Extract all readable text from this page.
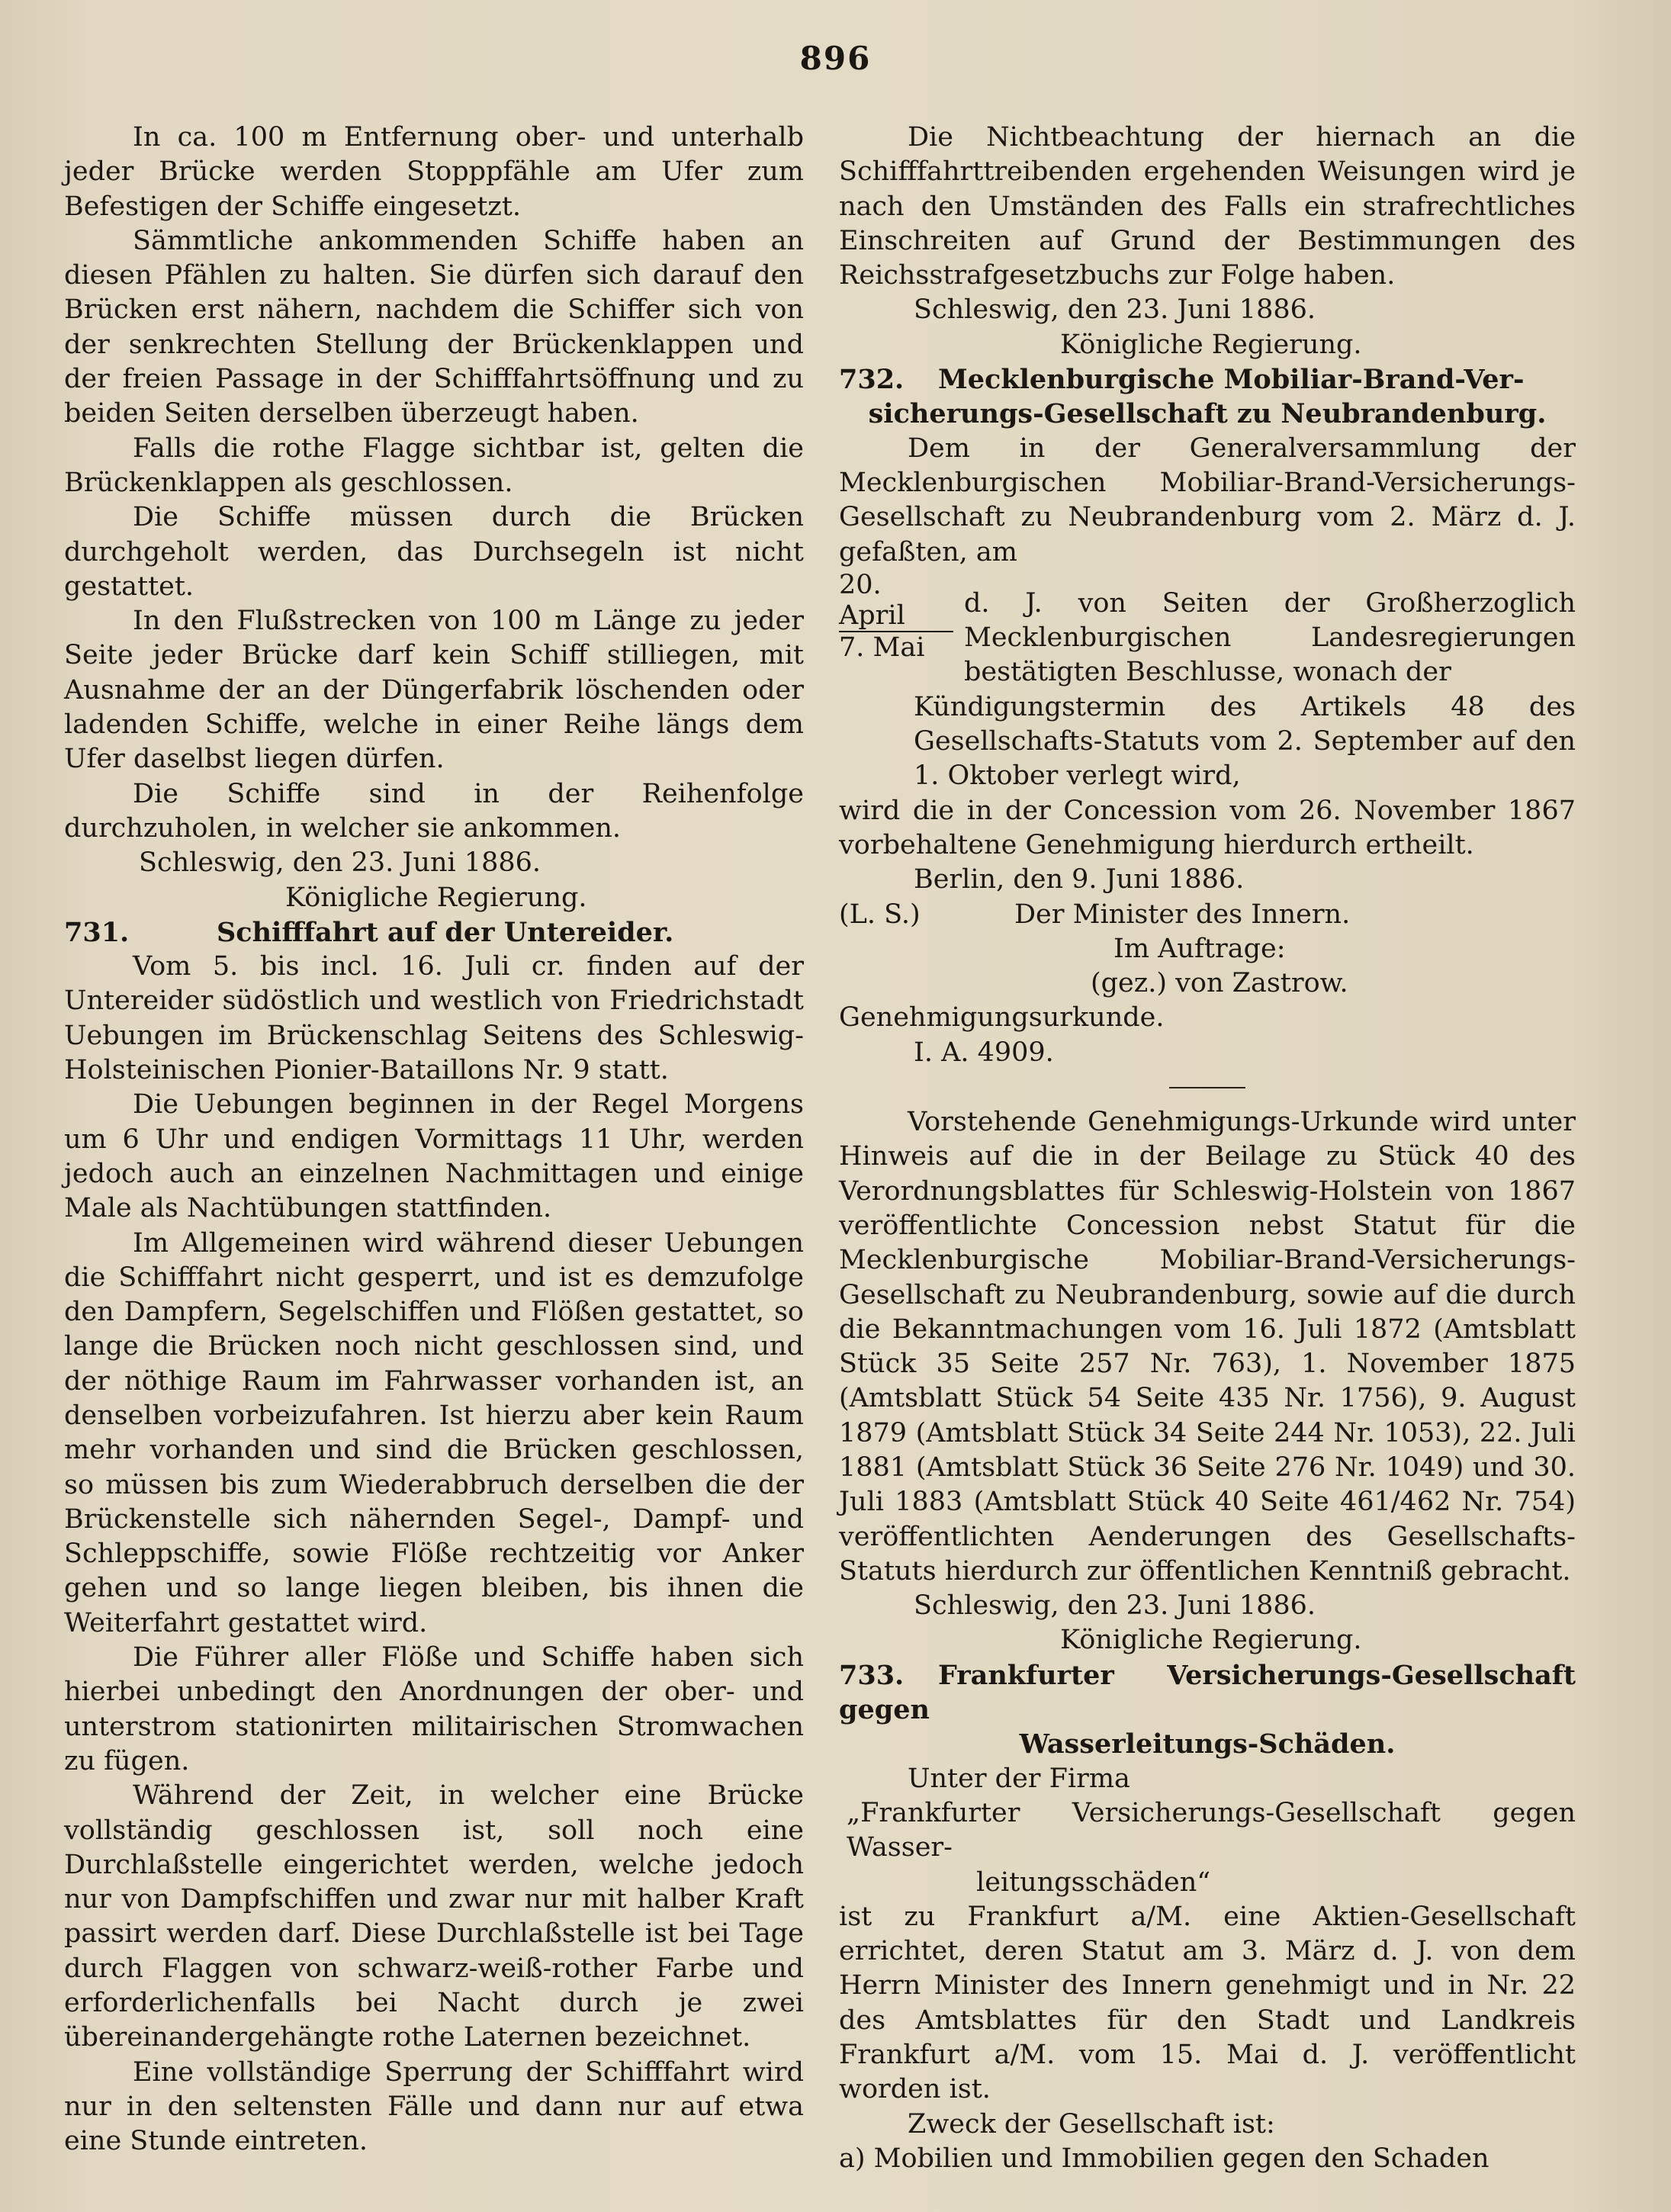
896

In ca. 100 m Entfernung ober- und unterhalb jeder Brücke werden Stopppfähle am Ufer zum Befestigen der Schiffe eingesetzt.

Sämmtliche ankommenden Schiffe haben an diesen Pfählen zu halten. Sie dürfen sich darauf den Brücken erst nähern, nachdem die Schiffer sich von der senkrechten Stellung der Brückenklappen und der freien Passage in der Schifffahrtsöffnung und zu beiden Seiten derselben überzeugt haben.

Falls die rothe Flagge sichtbar ist, gelten die Brückenklappen als geschlossen.

Die Schiffe müssen durch die Brücken durchgeholt werden, das Durchsegeln ist nicht gestattet.

In den Flußstrecken von 100 m Länge zu jeder Seite jeder Brücke darf kein Schiff stilliegen, mit Ausnahme der an der Düngerfabrik löschenden oder ladenden Schiffe, welche in einer Reihe längs dem Ufer daselbst liegen dürfen.

Die Schiffe sind in der Reihenfolge durchzuholen, in welcher sie ankommen.

Schleswig, den 23. Juni 1886.

Königliche Regierung.

731.	Schifffahrt auf der Untereider.

Vom 5. bis incl. 16. Juli cr. finden auf der Untereider südöstlich und westlich von Friedrichstadt Uebungen im Brückenschlag Seitens des Schleswig-Holsteinischen Pionier-Bataillons Nr. 9 statt.

Die Uebungen beginnen in der Regel Morgens um 6 Uhr und endigen Vormittags 11 Uhr, werden jedoch auch an einzelnen Nachmittagen und einige Male als Nachtübungen stattfinden.

Im Allgemeinen wird während dieser Uebungen die Schifffahrt nicht gesperrt, und ist es demzufolge den Dampfern, Segelschiffen und Flößen gestattet, so lange die Brücken noch nicht geschlossen sind, und der nöthige Raum im Fahrwasser vorhanden ist, an denselben vorbeizufahren. Ist hierzu aber kein Raum mehr vorhanden und sind die Brücken geschlossen, so müssen bis zum Wiederabbruch derselben die der Brückenstelle sich nähernden Segel-, Dampf- und Schleppschiffe, sowie Flöße rechtzeitig vor Anker gehen und so lange liegen bleiben, bis ihnen die Weiterfahrt gestattet wird.

Die Führer aller Flöße und Schiffe haben sich hierbei unbedingt den Anordnungen der ober- und unterstrom stationirten militairischen Stromwachen zu fügen.

Während der Zeit, in welcher eine Brücke vollständig geschlossen ist, soll noch eine Durchlaßstelle eingerichtet werden, welche jedoch nur von Dampfschiffen und zwar nur mit halber Kraft passirt werden darf. Diese Durchlaßstelle ist bei Tage durch Flaggen von schwarz-weiß-rother Farbe und erforderlichenfalls bei Nacht durch je zwei übereinandergehängte rothe Laternen bezeichnet.

Eine vollständige Sperrung der Schifffahrt wird nur in den seltensten Fälle und dann nur auf etwa eine Stunde eintreten.

Die Nichtbeachtung der hiernach an die Schifffahrttreibenden ergehenden Weisungen wird je nach den Umständen des Falls ein strafrechtliches Einschreiten auf Grund der Bestimmungen des Reichsstrafgesetzbuchs zur Folge haben.

Schleswig, den 23. Juni 1886.

Königliche Regierung.

732. Mecklenburgische Mobiliar-Brand-Ver-

sicherungs-Gesellschaft zu Neubrandenburg.

Dem in der Generalversammlung der Mecklenburgischen Mobiliar-Brand-Versicherungs-Gesellschaft zu Neubrandenburg vom 2. März d. J. gefaßten, am

$\frac{\text{20. April}}{\text{7. Mai}} d$. J. von Seiten der Großherzoglich Mecklenburgischen Landesregierungen bestätigten Beschlusse, wonach der

Kündigungstermin des Artikels 48 des Gesellschafts-Statuts vom 2. September auf den 1. Oktober verlegt wird,

wird die in der Concession vom 26. November 1867 vorbehaltene Genehmigung hierdurch ertheilt.

Berlin, den 9. Juni 1886.

(L. S.)	Der Minister des Innern.

Im Auftrage:

(gez.) von Zastrow.

Genehmigungsurkunde.

I. A. 4909.

Vorstehende Genehmigungs-Urkunde wird unter Hinweis auf die in der Beilage zu Stück 40 des Verordnungsblattes für Schleswig-Holstein von 1867 veröffentlichte Concession nebst Statut für die Mecklenburgische Mobiliar-Brand-Versicherungs-Gesellschaft zu Neubrandenburg, sowie auf die durch die Bekanntmachungen vom 16. Juli 1872 (Amtsblatt Stück 35 Seite 257 Nr. 763), 1. November 1875 (Amtsblatt Stück 54 Seite 435 Nr. 1756), 9. August 1879 (Amtsblatt Stück 34 Seite 244 Nr. 1053), 22. Juli 1881 (Amtsblatt Stück 36 Seite 276 Nr. 1049) und 30. Juli 1883 (Amtsblatt Stück 40 Seite 461/462 Nr. 754) veröffentlichten Aenderungen des Gesellschafts-Statuts hierdurch zur öffentlichen Kenntniß gebracht.

Schleswig, den 23. Juni 1886.

Königliche Regierung.

733. Frankfurter Versicherungs-Gesellschaft gegen

Wasserleitungs-Schäden.

Unter der Firma

„Frankfurter Versicherungs-Gesellschaft gegen Wasser-

leitungsschäden“

ist zu Frankfurt a/M. eine Aktien-Gesellschaft errichtet, deren Statut am 3. März d. J. von dem Herrn Minister des Innern genehmigt und in Nr. 22 des Amtsblattes für den Stadt und Landkreis Frankfurt a/M. vom 15. Mai d. J. veröffentlicht worden ist.

Zweck der Gesellschaft ist:

a) Mobilien und Immobilien gegen den Schaden
